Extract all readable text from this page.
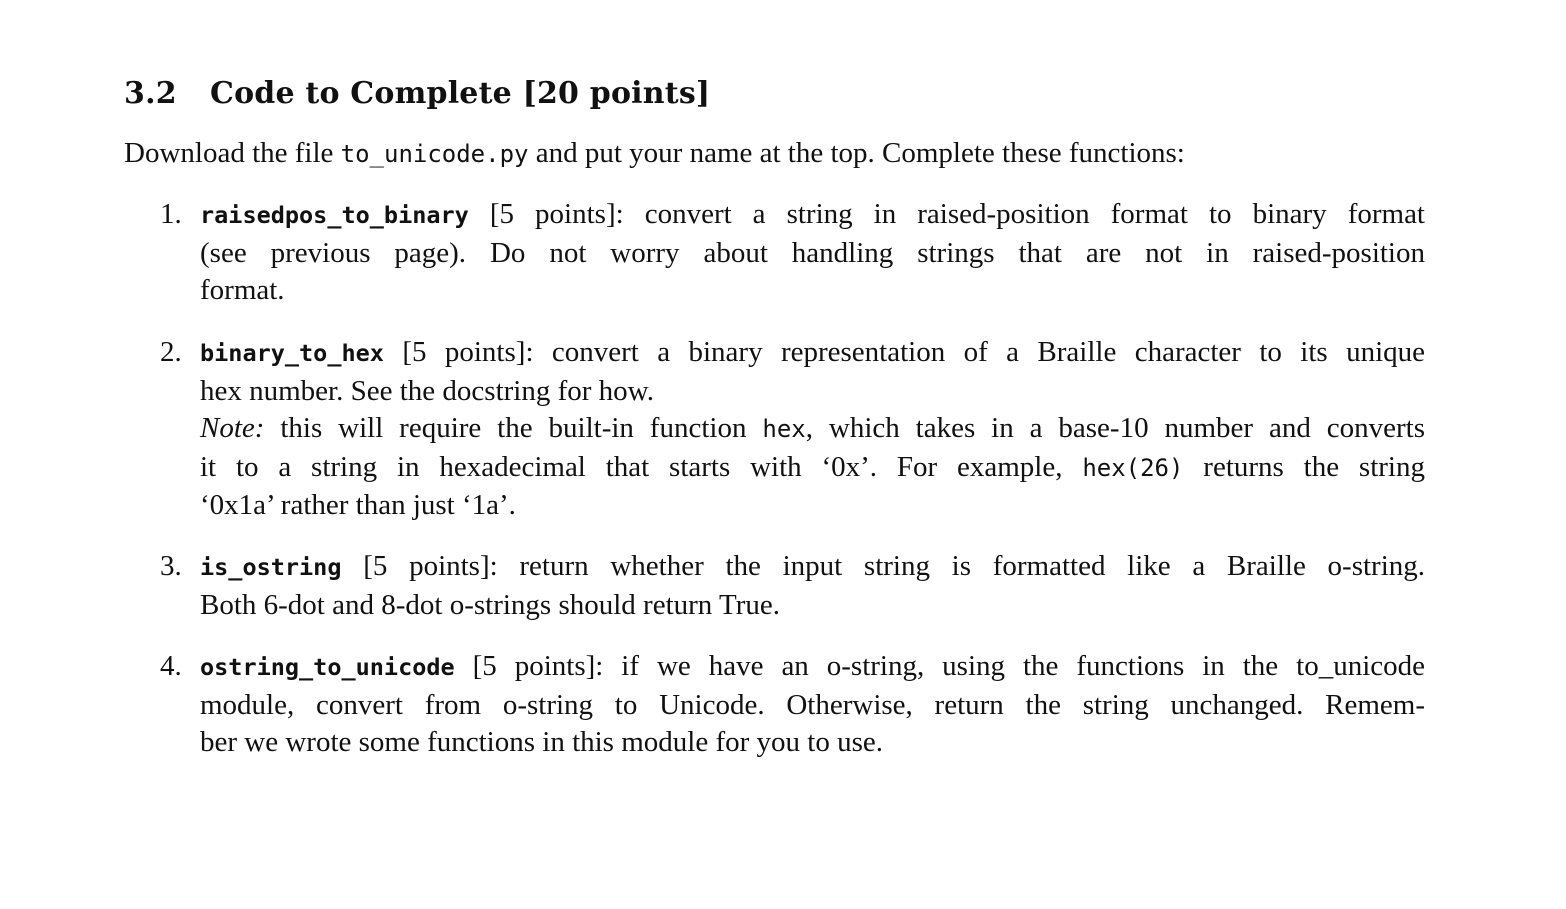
3.2 Code to Complete [20 points]
Download the file to_unicode.py and put your name at the top. Complete these functions:
1. raisedpos_to_binary [5 points]: convert a string in raised-position format to binary format
(see previous page). Do not worry about handling strings that are not in raised-position
format.
2. binary_to_hex [5 points]: convert a binary representation of a Braille character to its unique
hex number. See the docstring for how.
Note: this will require the built-in function hex, which takes in a base-10 number and converts
it to a string in hexadecimal that starts with ‘0x’. For example, hex(26) returns the string
‘0x1a’ rather than just ‘1a’.
3. is_ostring [5 points]: return whether the input string is formatted like a Braille o-string.
Both 6-dot and 8-dot o-strings should return True.
4. ostring_to_unicode [5 points]: if we have an o-string, using the functions in the to_unicode
module, convert from o-string to Unicode. Otherwise, return the string unchanged. Remem-
ber we wrote some functions in this module for you to use.
